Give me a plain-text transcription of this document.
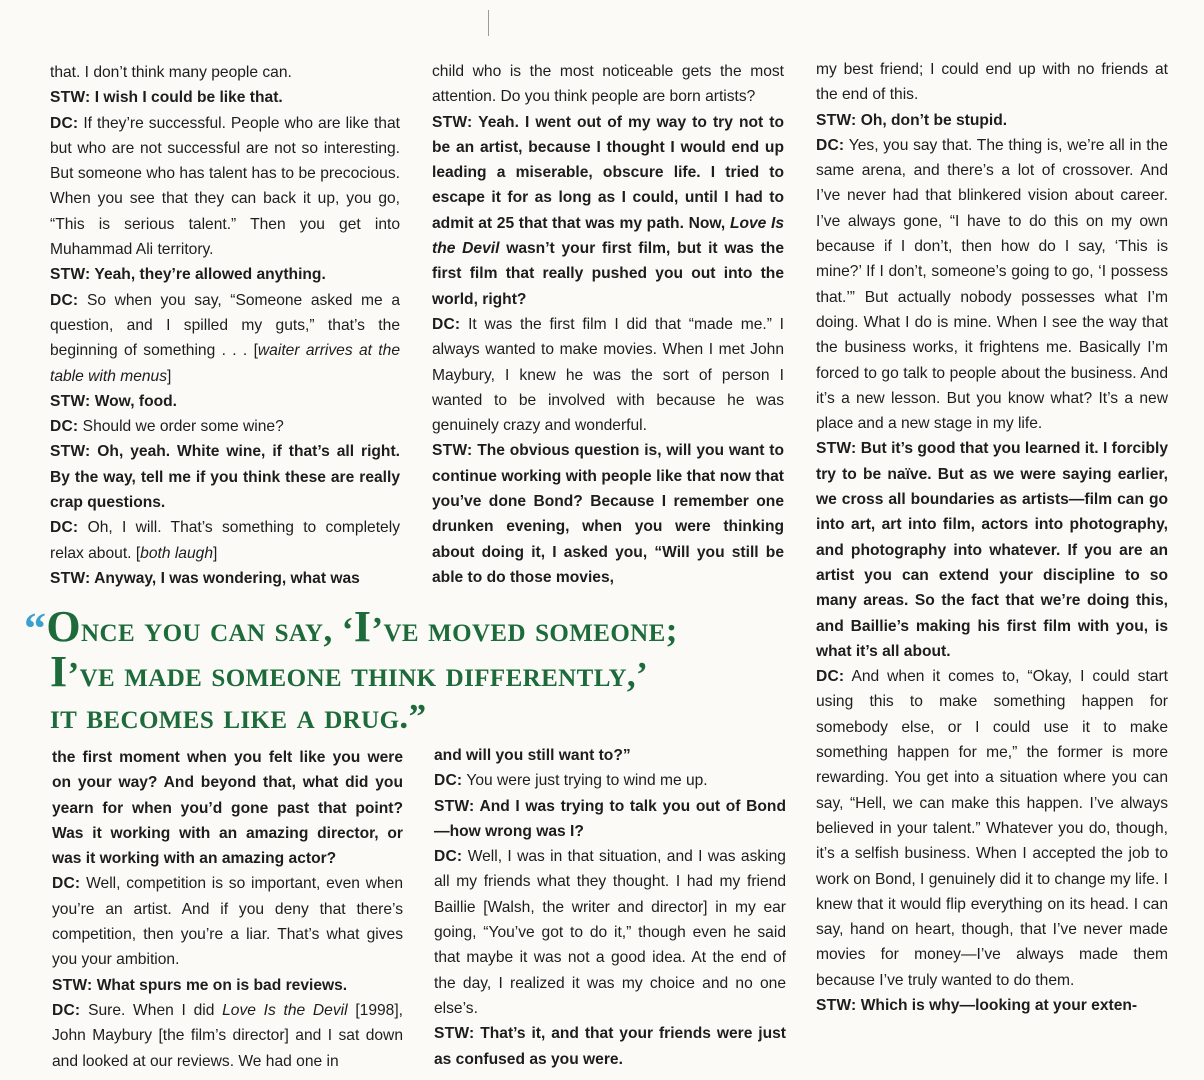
that. I don’t think many people can.

STW: I wish I could be like that.

DC: If they’re successful. People who are like that but who are not successful are not so interesting. But someone who has talent has to be precocious. When you see that they can back it up, you go, “This is serious talent.” Then you get into Muhammad Ali territory.

STW: Yeah, they’re allowed anything.

DC: So when you say, “Someone asked me a question, and I spilled my guts,” that’s the beginning of something . . . [waiter arrives at the table with menus]

STW: Wow, food.

DC: Should we order some wine?

STW: Oh, yeah. White wine, if that’s all right. By the way, tell me if you think these are really crap questions.

DC: Oh, I will. That’s something to completely relax about. [both laugh]

STW: Anyway, I was wondering, what was

child who is the most noticeable gets the most attention. Do you think people are born artists?

STW: Yeah. I went out of my way to try not to be an artist, because I thought I would end up leading a miserable, obscure life. I tried to escape it for as long as I could, until I had to admit at 25 that that was my path. Now, Love Is the Devil wasn’t your first film, but it was the first film that really pushed you out into the world, right?

DC: It was the first film I did that “made me.” I always wanted to make movies. When I met John Maybury, I knew he was the sort of person I wanted to be involved with because he was genuinely crazy and wonderful.

STW: The obvious question is, will you want to continue working with people like that now that you’ve done Bond? Because I remember one drunken evening, when you were thinking about doing it, I asked you, “Will you still be able to do those movies,

my best friend; I could end up with no friends at the end of this.

STW: Oh, don’t be stupid.

DC: Yes, you say that. The thing is, we’re all in the same arena, and there’s a lot of crossover. And I’ve never had that blinkered vision about career. I’ve always gone, “I have to do this on my own because if I don’t, then how do I say, ‘This is mine?’ If I don’t, someone’s going to go, ‘I possess that.’” But actually nobody possesses what I’m doing. What I do is mine. When I see the way that the business works, it frightens me. Basically I’m forced to go talk to people about the business. And it’s a new lesson. But you know what? It’s a new place and a new stage in my life.

STW: But it’s good that you learned it. I forcibly try to be naïve. But as we were saying earlier, we cross all boundaries as artists—film can go into art, art into film, actors into photography, and photography into whatever. If you are an artist you can extend your discipline to so many areas. So the fact that we’re doing this, and Baillie’s making his first film with you, is what it’s all about.

DC: And when it comes to, “Okay, I could start using this to make something happen for somebody else, or I could use it to make something happen for me,” the former is more rewarding. You get into a situation where you can say, “Hell, we can make this happen. I’ve always believed in your talent.” Whatever you do, though, it’s a selfish business. When I accepted the job to work on Bond, I genuinely did it to change my life. I knew that it would flip everything on its head. I can say, hand on heart, though, that I’ve never made movies for money—I’ve always made them because I’ve truly wanted to do them.

STW: Which is why—looking at your exten-

“Once you can say, ‘I’ve moved someone;
I’ve made someone think differently,’
it becomes like a drug.”

the first moment when you felt like you were on your way? And beyond that, what did you yearn for when you’d gone past that point? Was it working with an amazing director, or was it working with an amazing actor?

DC: Well, competition is so important, even when you’re an artist. And if you deny that there’s competition, then you’re a liar. That’s what gives you your ambition.

STW: What spurs me on is bad reviews.

DC: Sure. When I did Love Is the Devil [1998], John Maybury [the film’s director] and I sat down and looked at our reviews. We had one in

and will you still want to?”

DC: You were just trying to wind me up.

STW: And I was trying to talk you out of Bond—how wrong was I?

DC: Well, I was in that situation, and I was asking all my friends what they thought. I had my friend Baillie [Walsh, the writer and director] in my ear going, “You’ve got to do it,” though even he said that maybe it was not a good idea. At the end of the day, I realized it was my choice and no one else’s.

STW: That’s it, and that your friends were just as confused as you were.
